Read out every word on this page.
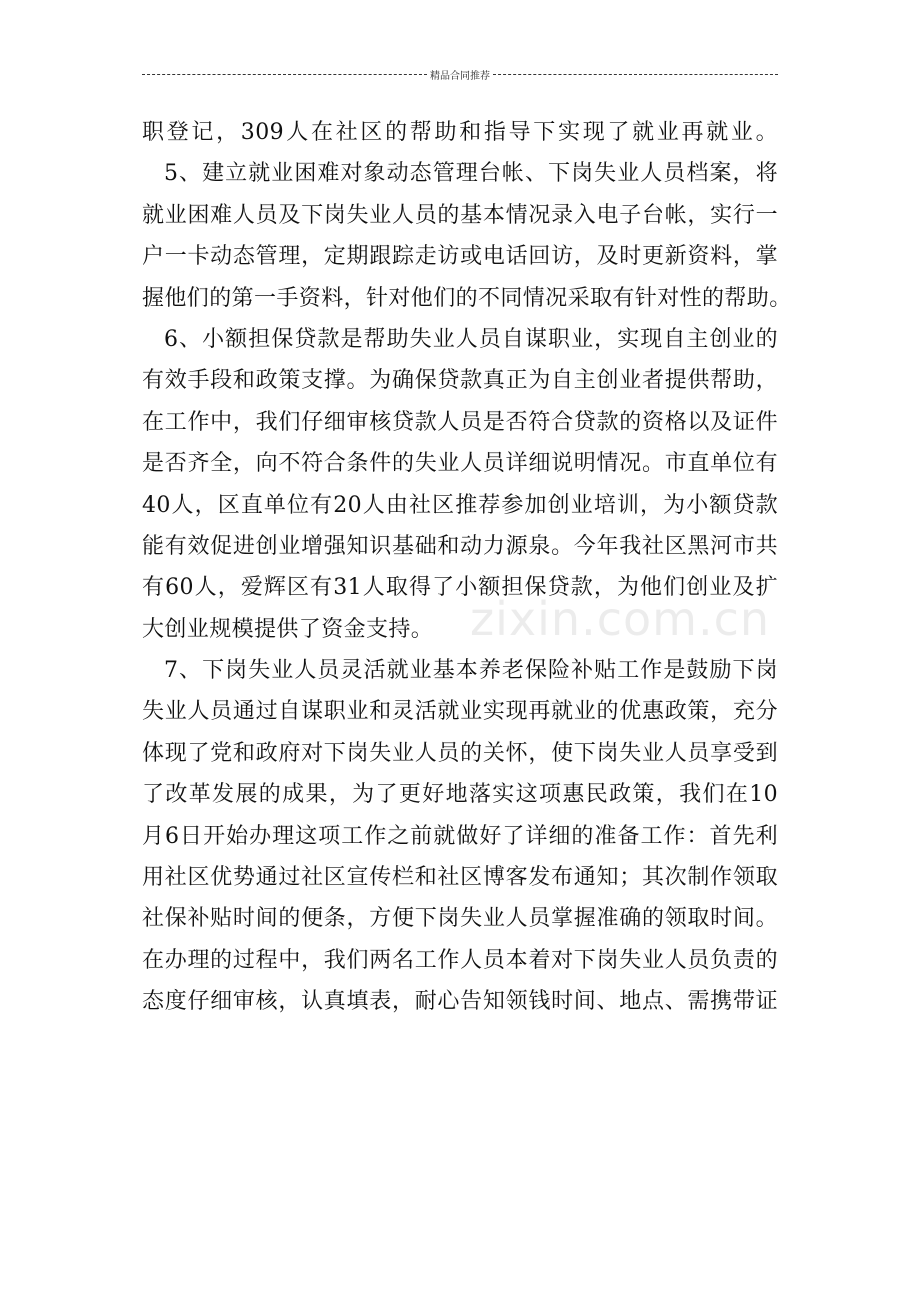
精品合同推荐
zixin.com.cn
职登记，309人在社区的帮助和指导下实现了就业再就业。
5、建立就业困难对象动态管理台帐、下岗失业人员档案，将
就业困难人员及下岗失业人员的基本情况录入电子台帐，实行一
户一卡动态管理，定期跟踪走访或电话回访，及时更新资料，掌
握他们的第一手资料，针对他们的不同情况采取有针对性的帮助。
6、小额担保贷款是帮助失业人员自谋职业，实现自主创业的
有效手段和政策支撑。为确保贷款真正为自主创业者提供帮助，
在工作中，我们仔细审核贷款人员是否符合贷款的资格以及证件
是否齐全，向不符合条件的失业人员详细说明情况。市直单位有
40人，区直单位有20人由社区推荐参加创业培训，为小额贷款
能有效促进创业增强知识基础和动力源泉。今年我社区黑河市共
有60人，爱辉区有31人取得了小额担保贷款，为他们创业及扩
大创业规模提供了资金支持。
7、下岗失业人员灵活就业基本养老保险补贴工作是鼓励下岗
失业人员通过自谋职业和灵活就业实现再就业的优惠政策，充分
体现了党和政府对下岗失业人员的关怀，使下岗失业人员享受到
了改革发展的成果，为了更好地落实这项惠民政策，我们在10
月6日开始办理这项工作之前就做好了详细的准备工作：首先利
用社区优势通过社区宣传栏和社区博客发布通知；其次制作领取
社保补贴时间的便条，方便下岗失业人员掌握准确的领取时间。
在办理的过程中，我们两名工作人员本着对下岗失业人员负责的
态度仔细审核，认真填表，耐心告知领钱时间、地点、需携带证
